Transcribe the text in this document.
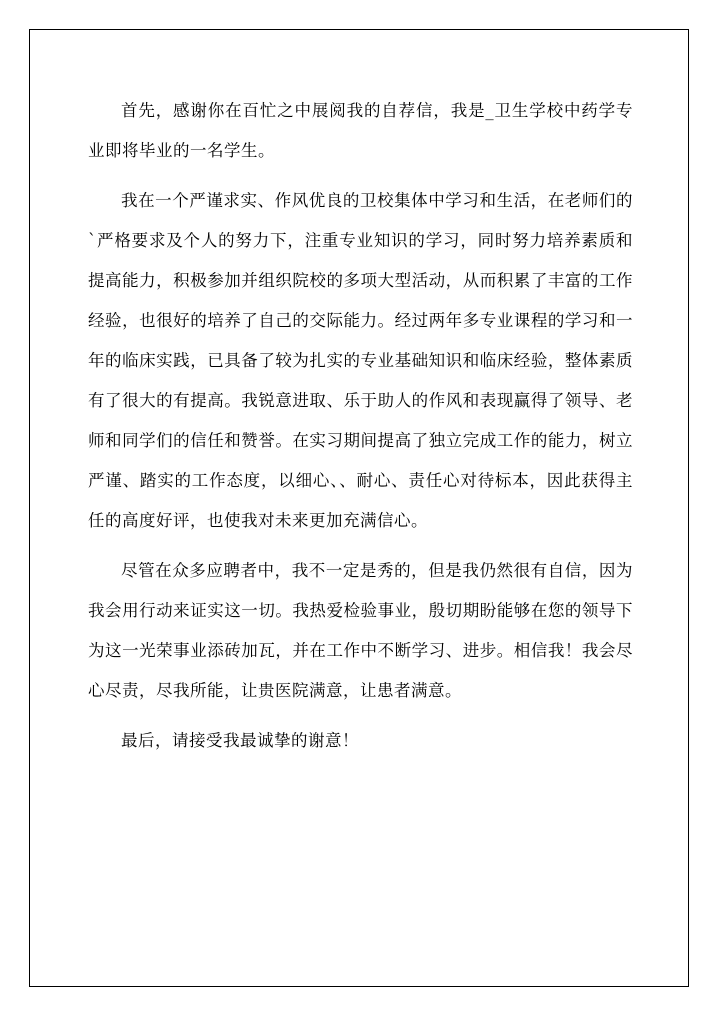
首先，感谢你在百忙之中展阅我的自荐信，我是_卫生学校中药学专业即将毕业的一名学生。

我在一个严谨求实、作风优良的卫校集体中学习和生活，在老师们的`严格要求及个人的努力下，注重专业知识的学习，同时努力培养素质和提高能力，积极参加并组织院校的多项大型活动，从而积累了丰富的工作经验，也很好的培养了自己的交际能力。经过两年多专业课程的学习和一年的临床实践，已具备了较为扎实的专业基础知识和临床经验，整体素质有了很大的有提高。我锐意进取、乐于助人的作风和表现赢得了领导、老师和同学们的信任和赞誉。在实习期间提高了独立完成工作的能力，树立严谨、踏实的工作态度，以细心、、耐心、责任心对待标本，因此获得主任的高度好评，也使我对未来更加充满信心。

尽管在众多应聘者中，我不一定是秀的，但是我仍然很有自信，因为我会用行动来证实这一切。我热爱检验事业，殷切期盼能够在您的领导下为这一光荣事业添砖加瓦，并在工作中不断学习、进步。相信我！我会尽心尽责，尽我所能，让贵医院满意，让患者满意。

最后，请接受我最诚挚的谢意！
